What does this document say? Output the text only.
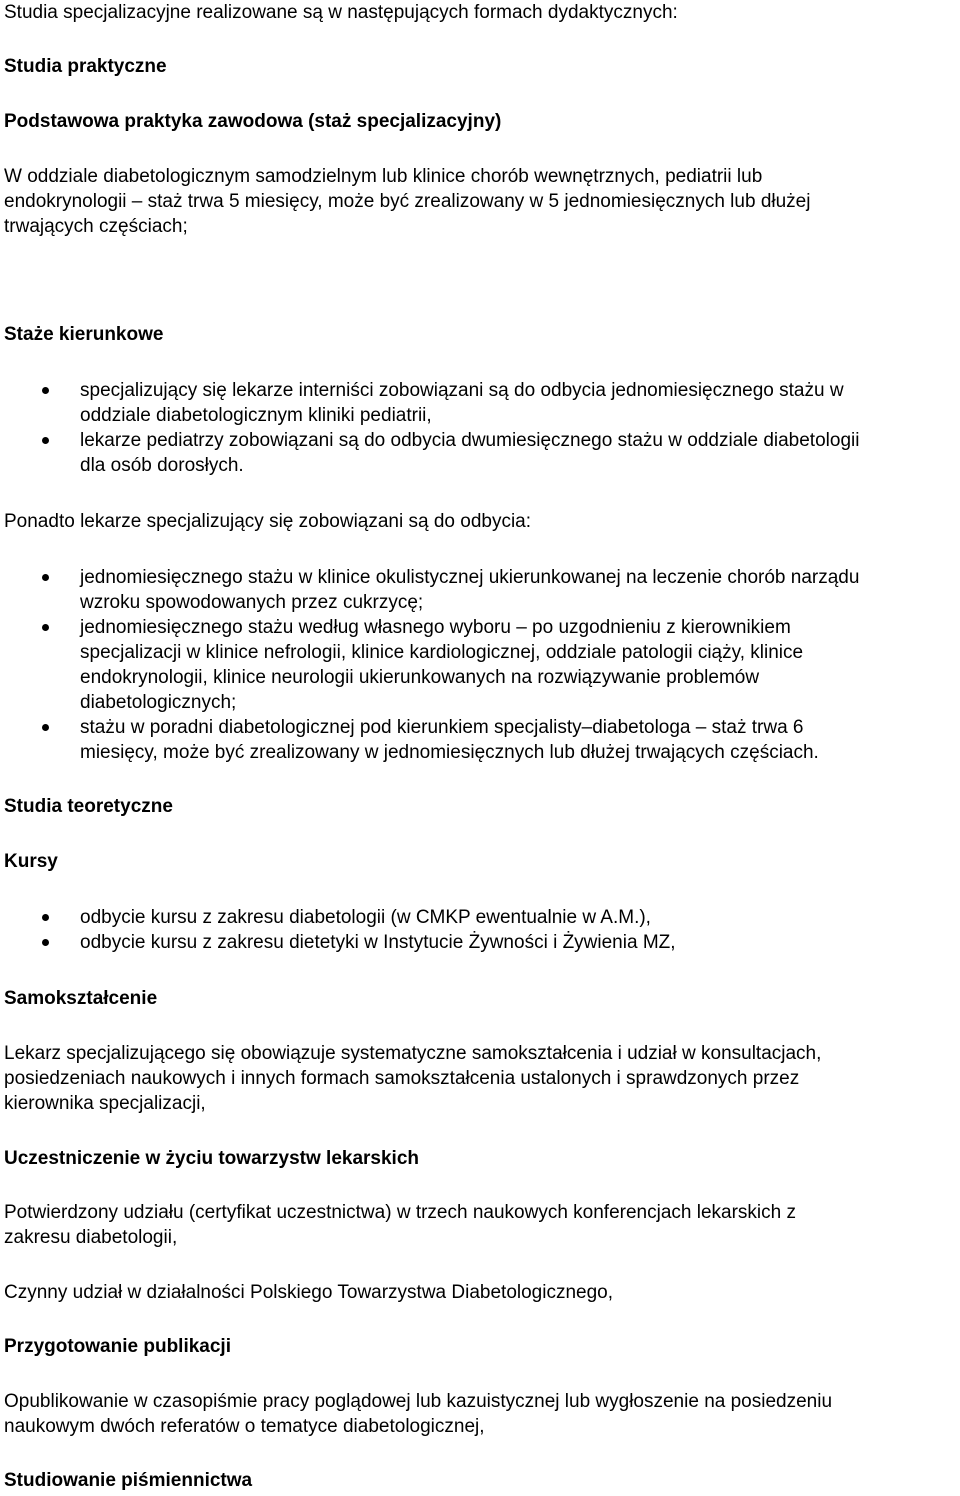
Studia specjalizacyjne realizowane są w następujących formach dydaktycznych:
Studia praktyczne
Podstawowa praktyka zawodowa (staż specjalizacyjny)
W oddziale diabetologicznym samodzielnym lub klinice chorób wewnętrznych, pediatrii lub
endokrynologii – staż trwa 5 miesięcy, może być zrealizowany w 5 jednomiesięcznych lub dłużej
trwających częściach;
Staże kierunkowe
specjalizujący się lekarze interniści zobowiązani są do odbycia jednomiesięcznego stażu w
oddziale diabetologicznym kliniki pediatrii,
lekarze pediatrzy zobowiązani są do odbycia dwumiesięcznego stażu w oddziale diabetologii
dla osób dorosłych.
Ponadto lekarze specjalizujący się zobowiązani są do odbycia:
jednomiesięcznego stażu w klinice okulistycznej ukierunkowanej na leczenie chorób narządu
wzroku spowodowanych przez cukrzycę;
jednomiesięcznego stażu według własnego wyboru – po uzgodnieniu z kierownikiem
specjalizacji w klinice nefrologii, klinice kardiologicznej, oddziale patologii ciąży, klinice
endokrynologii, klinice neurologii ukierunkowanych na rozwiązywanie problemów
diabetologicznych;
stażu w poradni diabetologicznej pod kierunkiem specjalisty–diabetologa – staż trwa 6
miesięcy, może być zrealizowany w jednomiesięcznych lub dłużej trwających częściach.
Studia teoretyczne
Kursy
odbycie kursu z zakresu diabetologii (w CMKP ewentualnie w A.M.),
odbycie kursu z zakresu dietetyki w Instytucie Żywności i Żywienia MZ,
Samokształcenie
Lekarz specjalizującego się obowiązuje systematyczne samokształcenia i udział w konsultacjach,
posiedzeniach naukowych i innych formach samokształcenia ustalonych i sprawdzonych przez
kierownika specjalizacji,
Uczestniczenie w życiu towarzystw lekarskich
Potwierdzony udziału (certyfikat uczestnictwa) w trzech naukowych konferencjach lekarskich z
zakresu diabetologii,
Czynny udział w działalności Polskiego Towarzystwa Diabetologicznego,
Przygotowanie publikacji
Opublikowanie w czasopiśmie pracy poglądowej lub kazuistycznej lub wygłoszenie na posiedzeniu
naukowym dwóch referatów o tematyce diabetologicznej,
Studiowanie piśmiennictwa
